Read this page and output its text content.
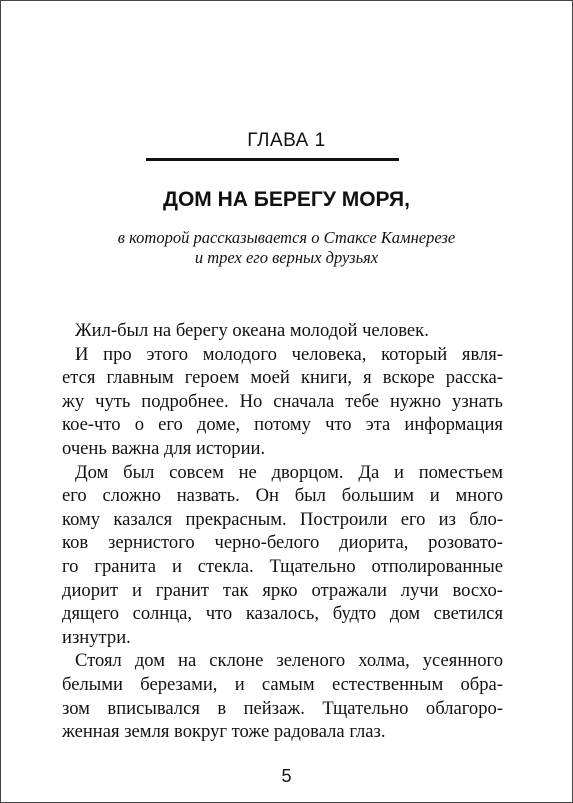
ГЛАВА 1
ДОМ НА БЕРЕГУ МОРЯ,
в которой рассказывается о Стаксе Камнерезе
и трех его верных друзьях

Жил-был на берегу океана молодой человек.

И про этого молодого человека, который явля-
ется главным героем моей книги, я вскоре расска-
жу чуть подробнее. Но сначала тебе нужно узнать
кое-что о его доме, потому что эта информация
очень важна для истории.

Дом был совсем не дворцом. Да и поместьем
его сложно назвать. Он был большим и много
кому казался прекрасным. Построили его из бло-
ков зернистого черно-белого диорита, розовато-
го гранита и стекла. Тщательно отполированные
диорит и гранит так ярко отражали лучи восхо-
дящего солнца, что казалось, будто дом светился
изнутри.

Стоял дом на склоне зеленого холма, усеянного
белыми березами, и самым естественным обра-
зом вписывался в пейзаж. Тщательно облагоро-
женная земля вокруг тоже радовала глаз.

5
